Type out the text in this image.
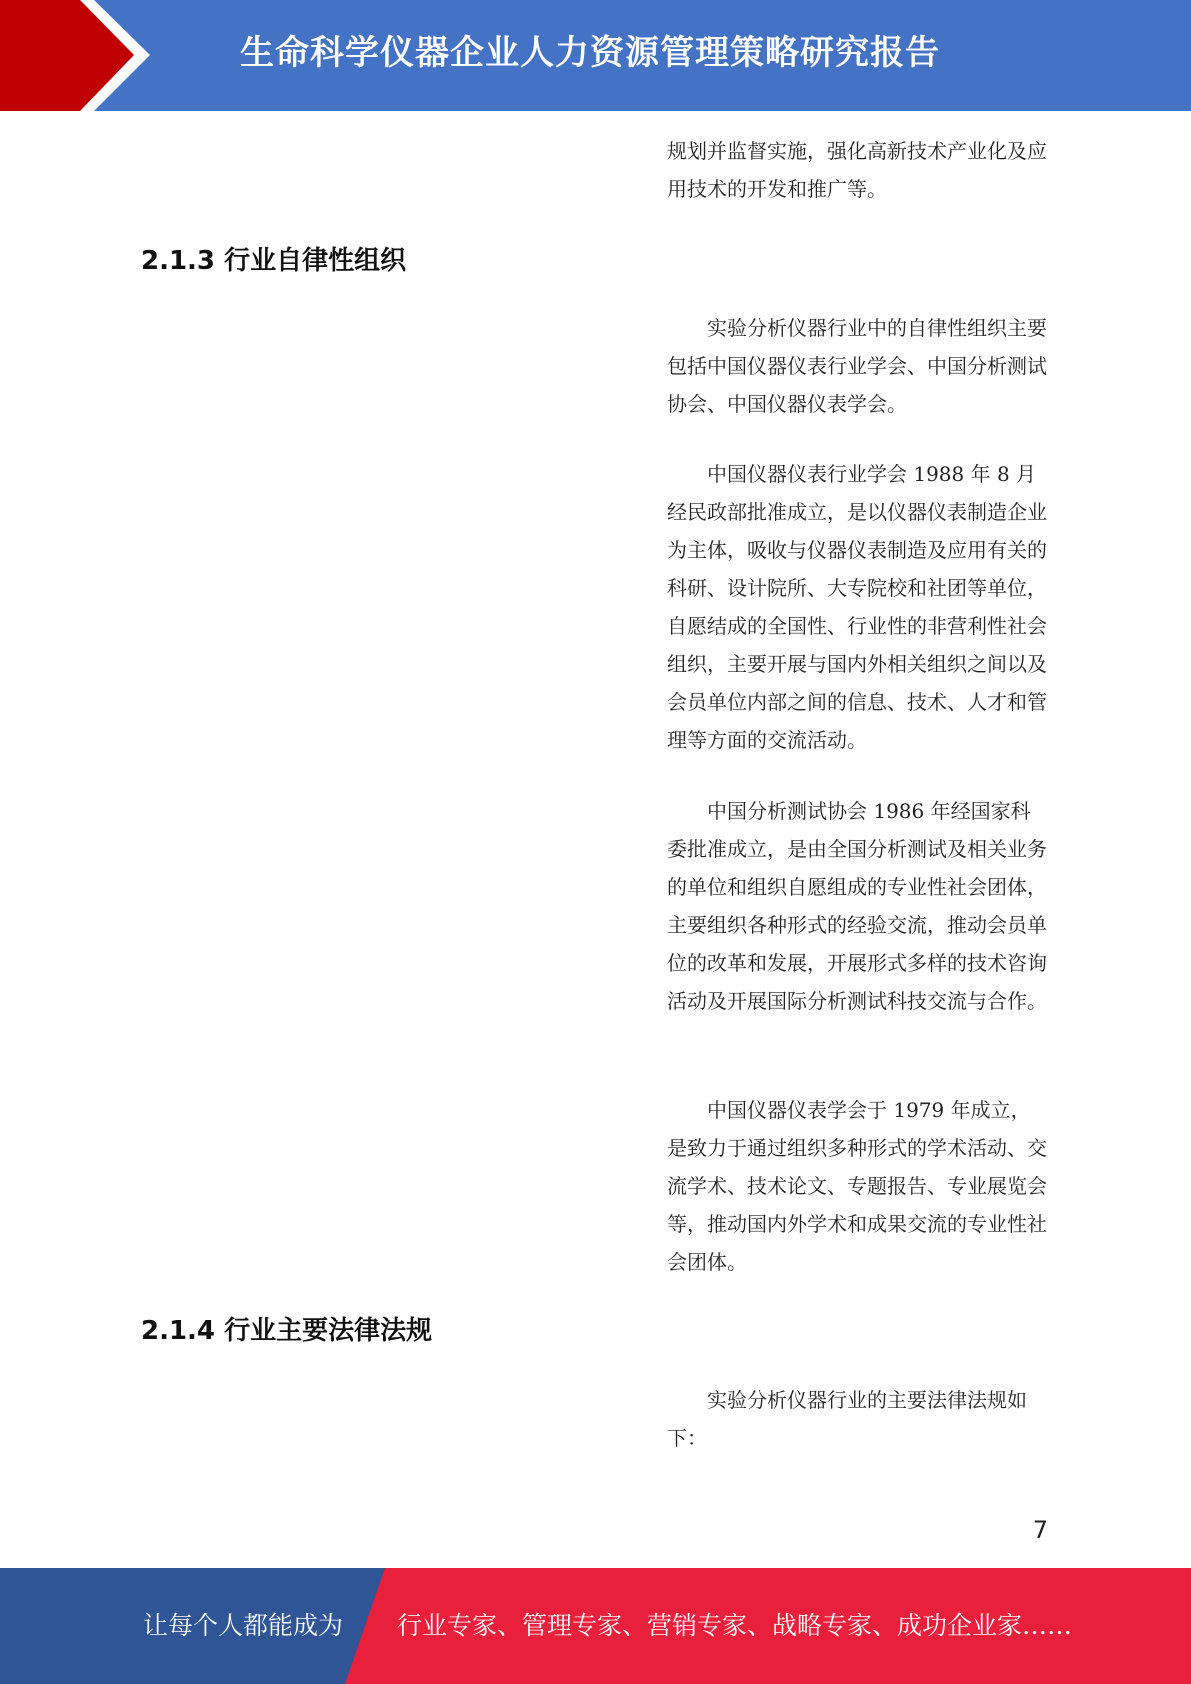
生命科学仪器企业人力资源管理策略研究报告

规划并监督实施，强化高新技术产业化及应用技术的开发和推广等。

2.1.3 行业自律性组织

　　实验分析仪器行业中的自律性组织主要包括中国仪器仪表行业学会、中国分析测试协会、中国仪器仪表学会。

　　中国仪器仪表行业学会 1988 年 8 月经民政部批准成立，是以仪器仪表制造企业为主体，吸收与仪器仪表制造及应用有关的科研、设计院所、大专院校和社团等单位，自愿结成的全国性、行业性的非营利性社会组织，主要开展与国内外相关组织之间以及会员单位内部之间的信息、技术、人才和管理等方面的交流活动。

　　中国分析测试协会 1986 年经国家科委批准成立，是由全国分析测试及相关业务的单位和组织自愿组成的专业性社会团体，主要组织各种形式的经验交流，推动会员单位的改革和发展，开展形式多样的技术咨询活动及开展国际分析测试科技交流与合作。

　　中国仪器仪表学会于 1979 年成立，是致力于通过组织多种形式的学术活动、交流学术、技术论文、专题报告、专业展览会等，推动国内外学术和成果交流的专业性社会团体。

2.1.4 行业主要法律法规

　　实验分析仪器行业的主要法律法规如下：

7
让每个人都能成为 行业专家、管理专家、营销专家、战略专家、成功企业家……
